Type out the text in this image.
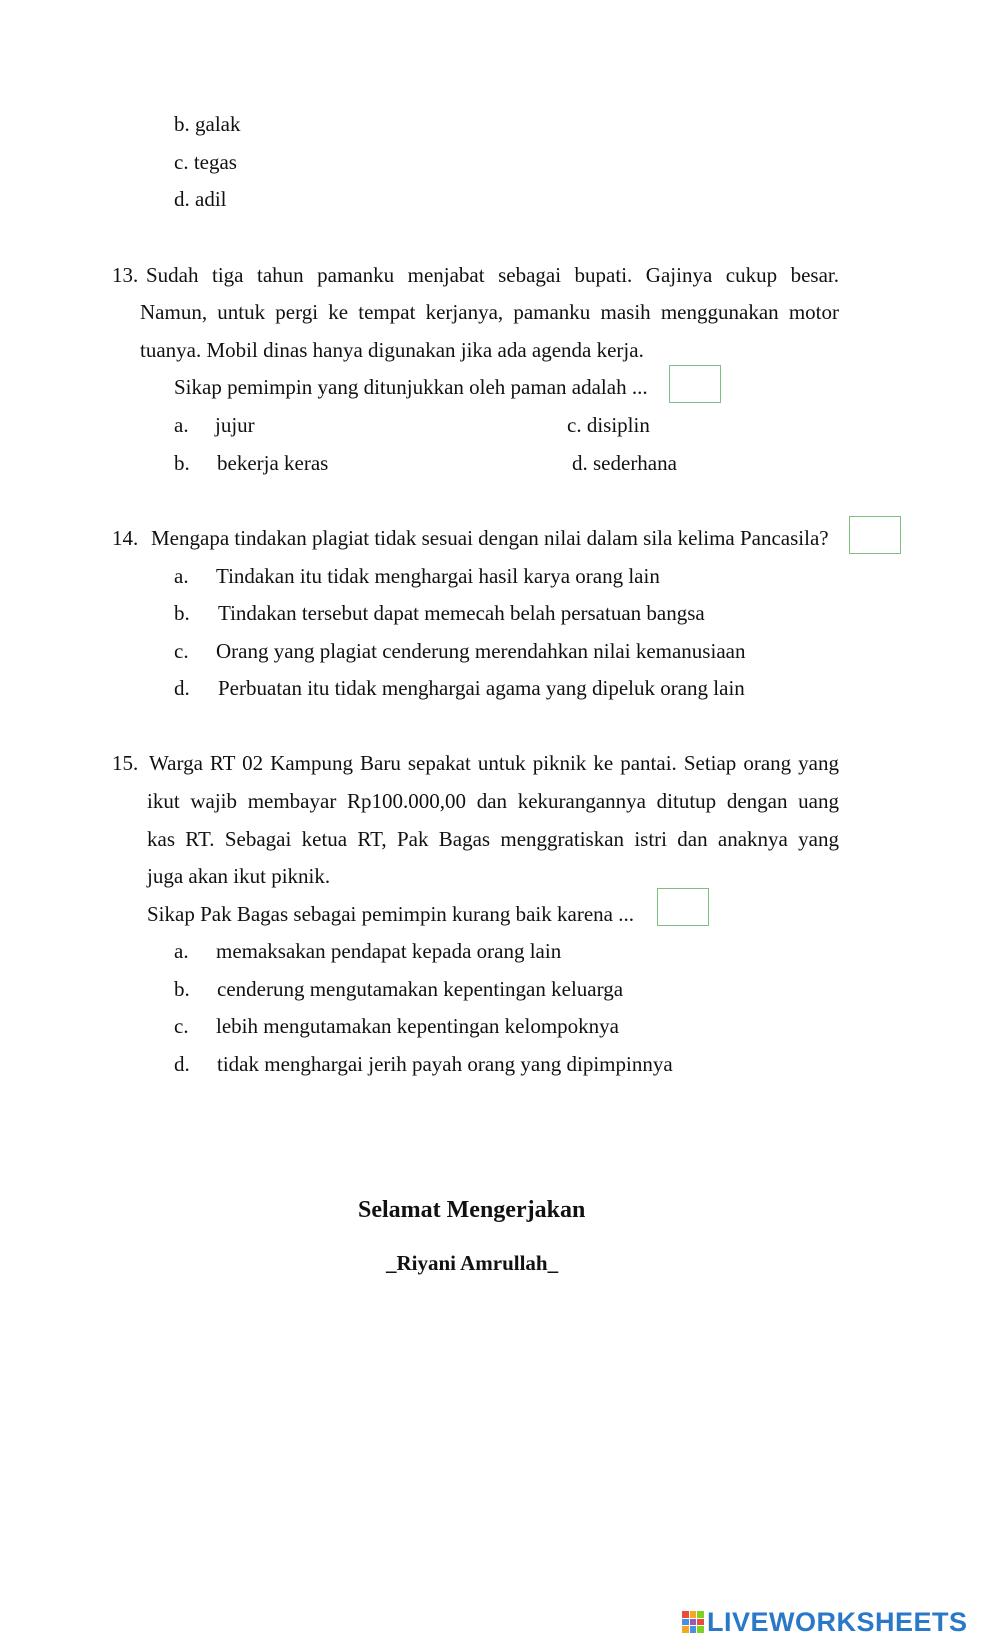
b. galak
c. tegas
d. adil
13. Sudah tiga tahun pamanku menjabat sebagai bupati. Gajinya cukup besar.
Namun, untuk pergi ke tempat kerjanya, pamanku masih menggunakan motor
tuanya. Mobil dinas hanya digunakan jika ada agenda kerja.
Sikap pemimpin yang ditunjukkan oleh paman adalah ...
a. jujur
b. bekerja keras
c. disiplin
d. sederhana
14. Mengapa tindakan plagiat tidak sesuai dengan nilai dalam sila kelima Pancasila?
a. Tindakan itu tidak menghargai hasil karya orang lain
b. Tindakan tersebut dapat memecah belah persatuan bangsa
c. Orang yang plagiat cenderung merendahkan nilai kemanusiaan
d. Perbuatan itu tidak menghargai agama yang dipeluk orang lain
15. Warga RT 02 Kampung Baru sepakat untuk piknik ke pantai. Setiap orang yang
ikut wajib membayar Rp100.000,00 dan kekurangannya ditutup dengan uang
kas RT. Sebagai ketua RT, Pak Bagas menggratiskan istri dan anaknya yang
juga akan ikut piknik.
Sikap Pak Bagas sebagai pemimpin kurang baik karena ...
a. memaksakan pendapat kepada orang lain
b. cenderung mengutamakan kepentingan keluarga
c. lebih mengutamakan kepentingan kelompoknya
d. tidak menghargai jerih payah orang yang dipimpinnya
Selamat Mengerjakan
_Riyani Amrullah_
LIVEWORKSHEETS
